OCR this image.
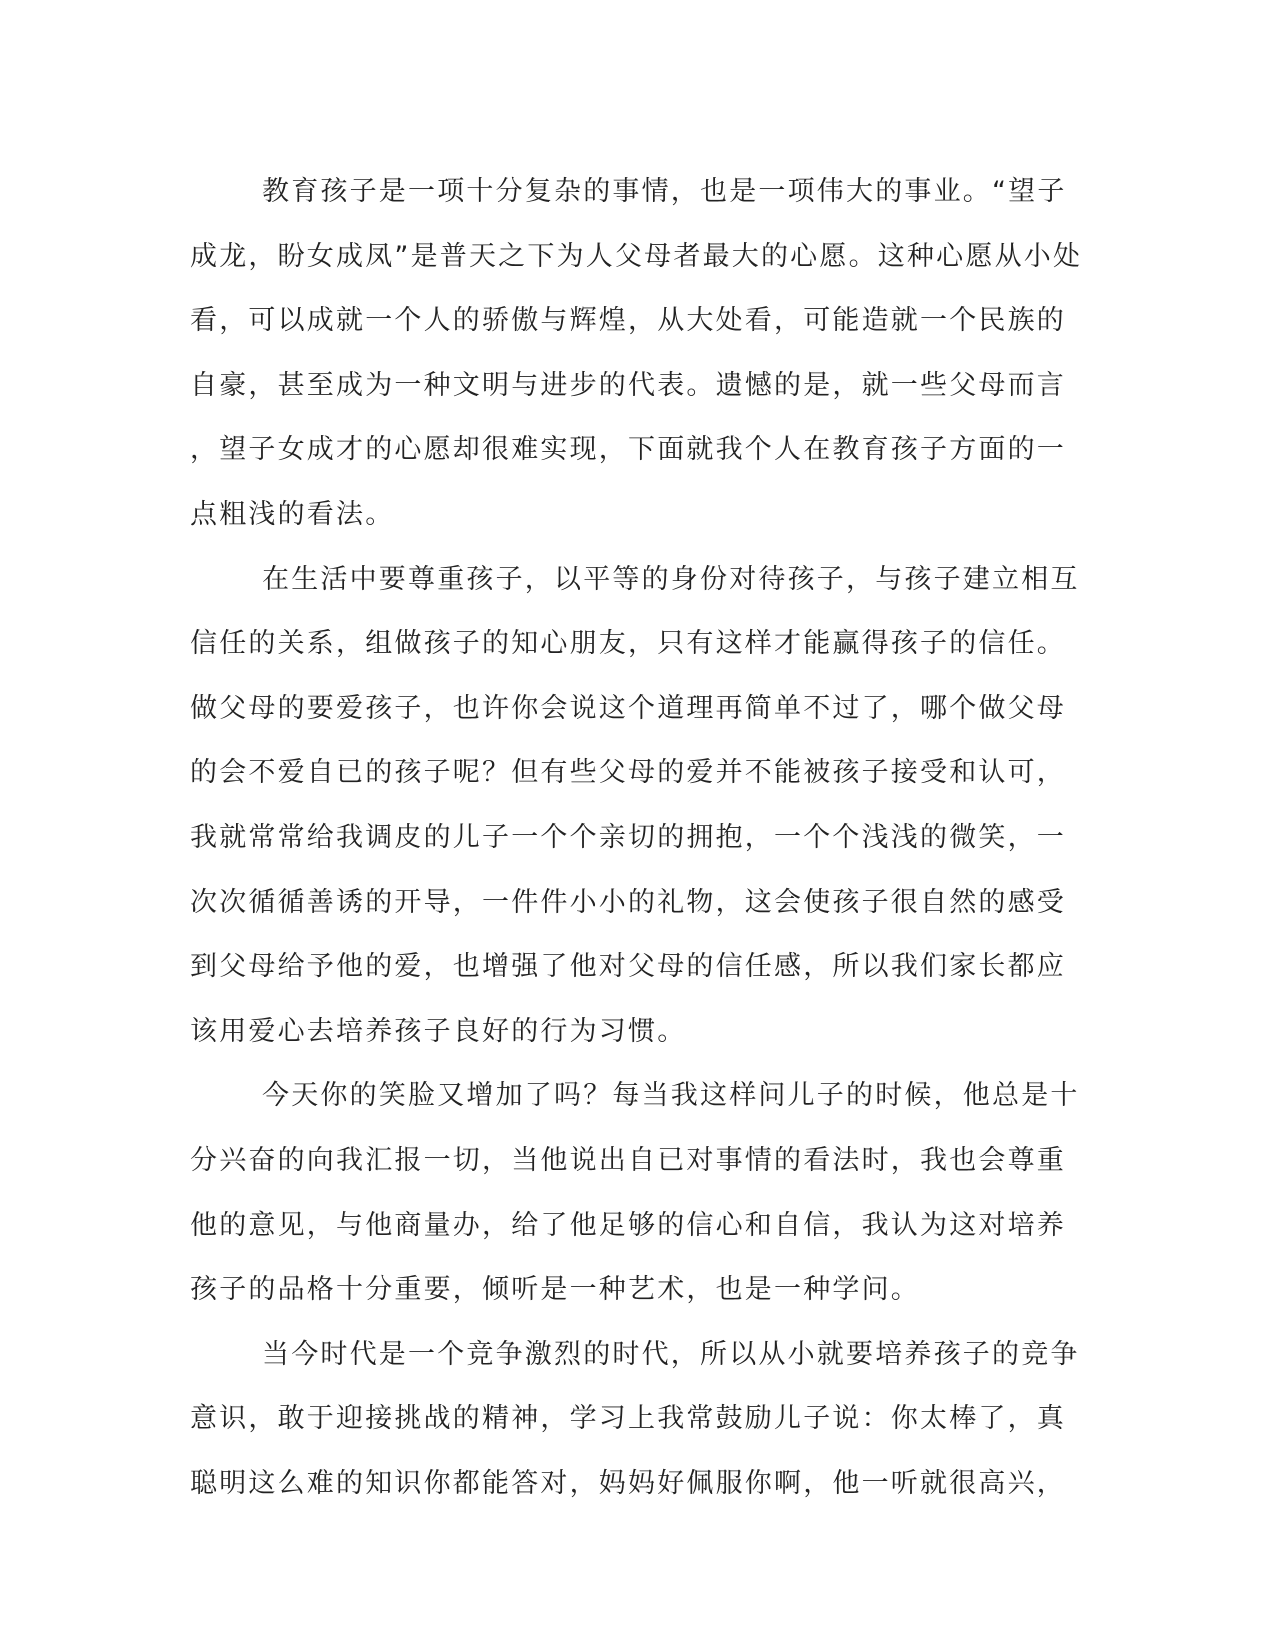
教育孩子是一项十分复杂的事情，也是一项伟大的事业。“望子
成龙，盼女成凤”是普天之下为人父母者最大的心愿。这种心愿从小处
看，可以成就一个人的骄傲与辉煌，从大处看，可能造就一个民族的
自豪，甚至成为一种文明与进步的代表。遗憾的是，就一些父母而言
，望子女成才的心愿却很难实现，下面就我个人在教育孩子方面的一
点粗浅的看法。
在生活中要尊重孩子，以平等的身份对待孩子，与孩子建立相互
信任的关系，组做孩子的知心朋友，只有这样才能赢得孩子的信任。
做父母的要爱孩子，也许你会说这个道理再简单不过了，哪个做父母
的会不爱自已的孩子呢？但有些父母的爱并不能被孩子接受和认可，
我就常常给我调皮的儿子一个个亲切的拥抱，一个个浅浅的微笑，一
次次循循善诱的开导，一件件小小的礼物，这会使孩子很自然的感受
到父母给予他的爱，也增强了他对父母的信任感，所以我们家长都应
该用爱心去培养孩子良好的行为习惯。
今天你的笑脸又增加了吗？每当我这样问儿子的时候，他总是十
分兴奋的向我汇报一切，当他说出自已对事情的看法时，我也会尊重
他的意见，与他商量办，给了他足够的信心和自信，我认为这对培养
孩子的品格十分重要，倾听是一种艺术，也是一种学问。
当今时代是一个竞争激烈的时代，所以从小就要培养孩子的竞争
意识，敢于迎接挑战的精神，学习上我常鼓励儿子说：你太棒了，真
聪明这么难的知识你都能答对，妈妈好佩服你啊，他一听就很高兴，
